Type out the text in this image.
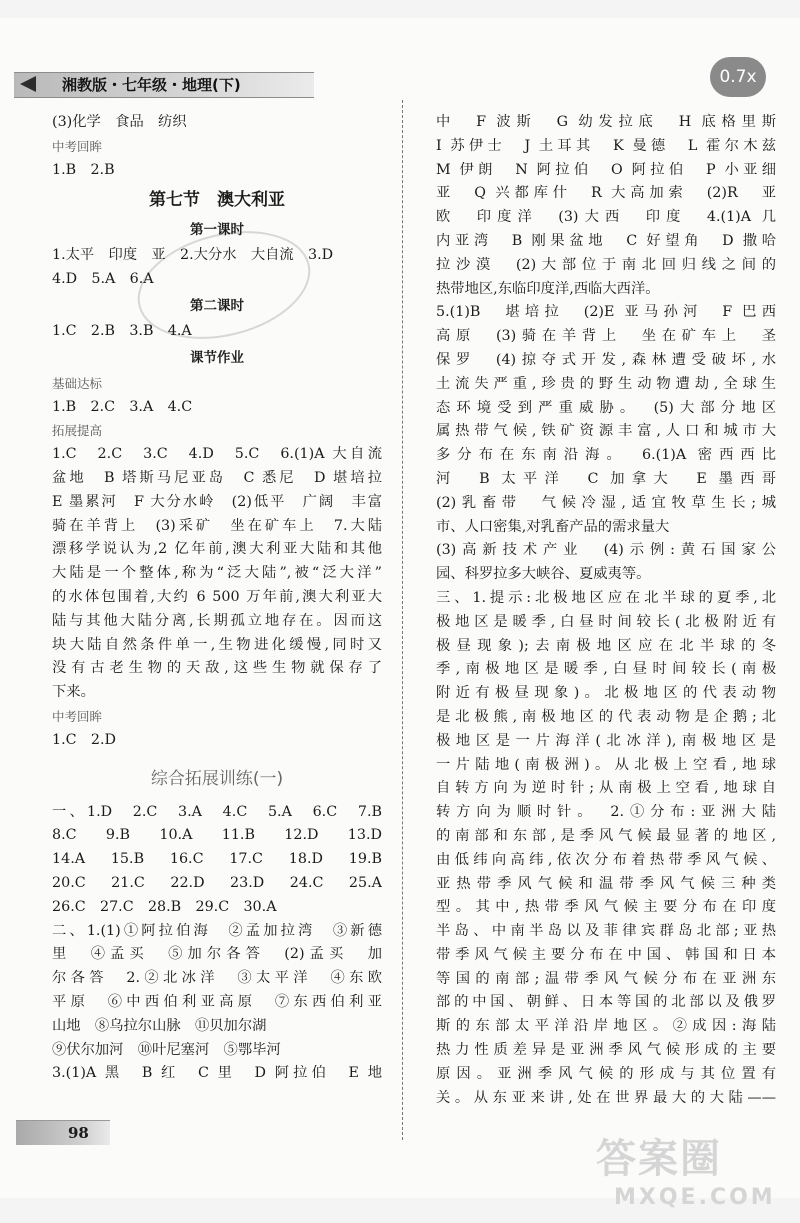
湘教版・七年级・地理(下)	0.7x
(3)化学　食品　纺织
中考回眸
1.B　2.B
第七节　澳大利亚
第一课时
1.太平　印度　亚　2.大分水　大自流　3.D
4.D　5.A　6.A
第二课时
1.C　2.B　3.B　4.A
课节作业
基础达标
1.B　2.C　3.A　4.C
拓展提高
1.C　2.C　3.C　4.D　5.C　6.(1)A 大自流
盆地　B 塔斯马尼亚岛　C 悉尼　D 堪培拉
E 墨累河　F 大分水岭　(2)低平　广阔　丰富
骑在羊背上　(3)采矿　坐在矿车上　7.大陆
漂移学说认为,2 亿年前,澳大利亚大陆和其他
大陆是一个整体,称为“泛大陆”,被“泛大洋”
的水体包围着,大约 6 500 万年前,澳大利亚大
陆与其他大陆分离,长期孤立地存在。因而这
块大陆自然条件单一,生物进化缓慢,同时又
没有古老生物的天敌,这些生物就保存了
下来。
中考回眸
1.C　2.D
综合拓展训练(一)
一、1.D　2.C　3.A　4.C　5.A　6.C　7.B
8.C　9.B　10.A　11.B　12.D　13.D
14.A　15.B　16.C　17.C　18.D　19.B
20.C　21.C　22.D　23.D　24.C　25.A
26.C　27.C　28.B　29.C　30.A
二、1.(1)①阿拉伯海　②孟加拉湾　③新德
里　④孟买　⑤加尔各答　(2)孟买　加
尔各答　2.②北冰洋　③太平洋　④东欧
平原　⑥中西伯利亚高原　⑦东西伯利亚
山地　⑧乌拉尔山脉　⑪贝加尔湖
⑨伏尔加河　⑩叶尼塞河　⑤鄂毕河
3.(1)A 黑　B 红　C 里　D 阿拉伯　E 地
中　F 波斯　G 幼发拉底　H 底格里斯
I 苏伊士　J 土耳其　K 曼德　L 霍尔木兹
M 伊朗　N 阿拉伯　O 阿拉伯　P 小亚细
亚　Q 兴都库什　R 大高加索　(2)R　亚
欧　印度洋　(3)大西　印度　4.(1)A 几
内亚湾　B 刚果盆地　C 好望角　D 撒哈
拉沙漠　(2)大部位于南北回归线之间的
热带地区,东临印度洋,西临大西洋。
5.(1)B　堪培拉　(2)E 亚马孙河　F 巴西
高原　(3)骑在羊背上　坐在矿车上　圣
保罗　(4)掠夺式开发,森林遭受破坏,水
土流失严重,珍贵的野生动物遭劫,全球生
态环境受到严重威胁。　(5)大部分地区
属热带气候,铁矿资源丰富,人口和城市大
多分布在东南沿海。　6.(1)A 密西西比
河　B 太平洋　C 加拿大　E 墨西哥
(2)乳畜带　气候冷湿,适宜牧草生长;城
市、人口密集,对乳畜产品的需求量大
(3)高新技术产业　(4)示例:黄石国家公
园、科罗拉多大峡谷、夏威夷等。
三、1.提示:北极地区应在北半球的夏季,北
极地区是暖季,白昼时间较长(北极附近有
极昼现象);去南极地区应在北半球的冬
季,南极地区是暖季,白昼时间较长(南极
附近有极昼现象)。北极地区的代表动物
是北极熊,南极地区的代表动物是企鹅;北
极地区是一片海洋(北冰洋),南极地区是
一片陆地(南极洲)。从北极上空看,地球
自转方向为逆时针;从南极上空看,地球自
转方向为顺时针。　2.①分布:亚洲大陆
的南部和东部,是季风气候最显著的地区,
由低纬向高纬,依次分布着热带季风气候、
亚热带季风气候和温带季风气候三种类
型。其中,热带季风气候主要分布在印度
半岛、中南半岛以及菲律宾群岛北部;亚热
带季风气候主要分布在中国、韩国和日本
等国的南部;温带季风气候分布在亚洲东
部的中国、朝鲜、日本等国的北部以及俄罗
斯的东部太平洋沿岸地区。②成因:海陆
热力性质差异是亚洲季风气候形成的主要
原因。亚洲季风气候的形成与其位置有
关。从东亚来讲,处在世界最大的大陆——
98
答案圈
MXQE.COM
